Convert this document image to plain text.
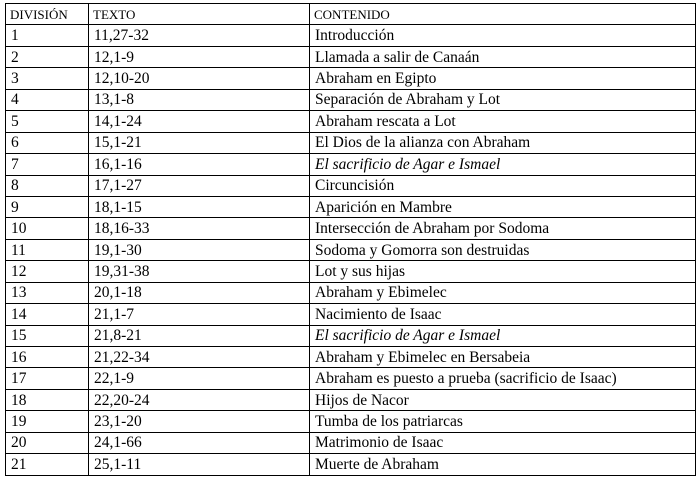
DIVISIÓN	TEXTO	CONTENIDO
1	11,27-32	Introducción
2	12,1-9	Llamada a salir de Canaán
3	12,10-20	Abraham en Egipto
4	13,1-8	Separación de Abraham y Lot
5	14,1-24	Abraham rescata a Lot
6	15,1-21	El Dios de la alianza con Abraham
7	16,1-16	El sacrificio de Agar e Ismael
8	17,1-27	Circuncisión
9	18,1-15	Aparición en Mambre
10	18,16-33	Intersección de Abraham por Sodoma
11	19,1-30	Sodoma y Gomorra son destruidas
12	19,31-38	Lot y sus hijas
13	20,1-18	Abraham y Ebimelec
14	21,1-7	Nacimiento de Isaac
15	21,8-21	El sacrificio de Agar e Ismael
16	21,22-34	Abraham y Ebimelec en Bersabeia
17	22,1-9	Abraham es puesto a prueba (sacrificio de Isaac)
18	22,20-24	Hijos de Nacor
19	23,1-20	Tumba de los patriarcas
20	24,1-66	Matrimonio de Isaac
21	25,1-11	Muerte de Abraham
